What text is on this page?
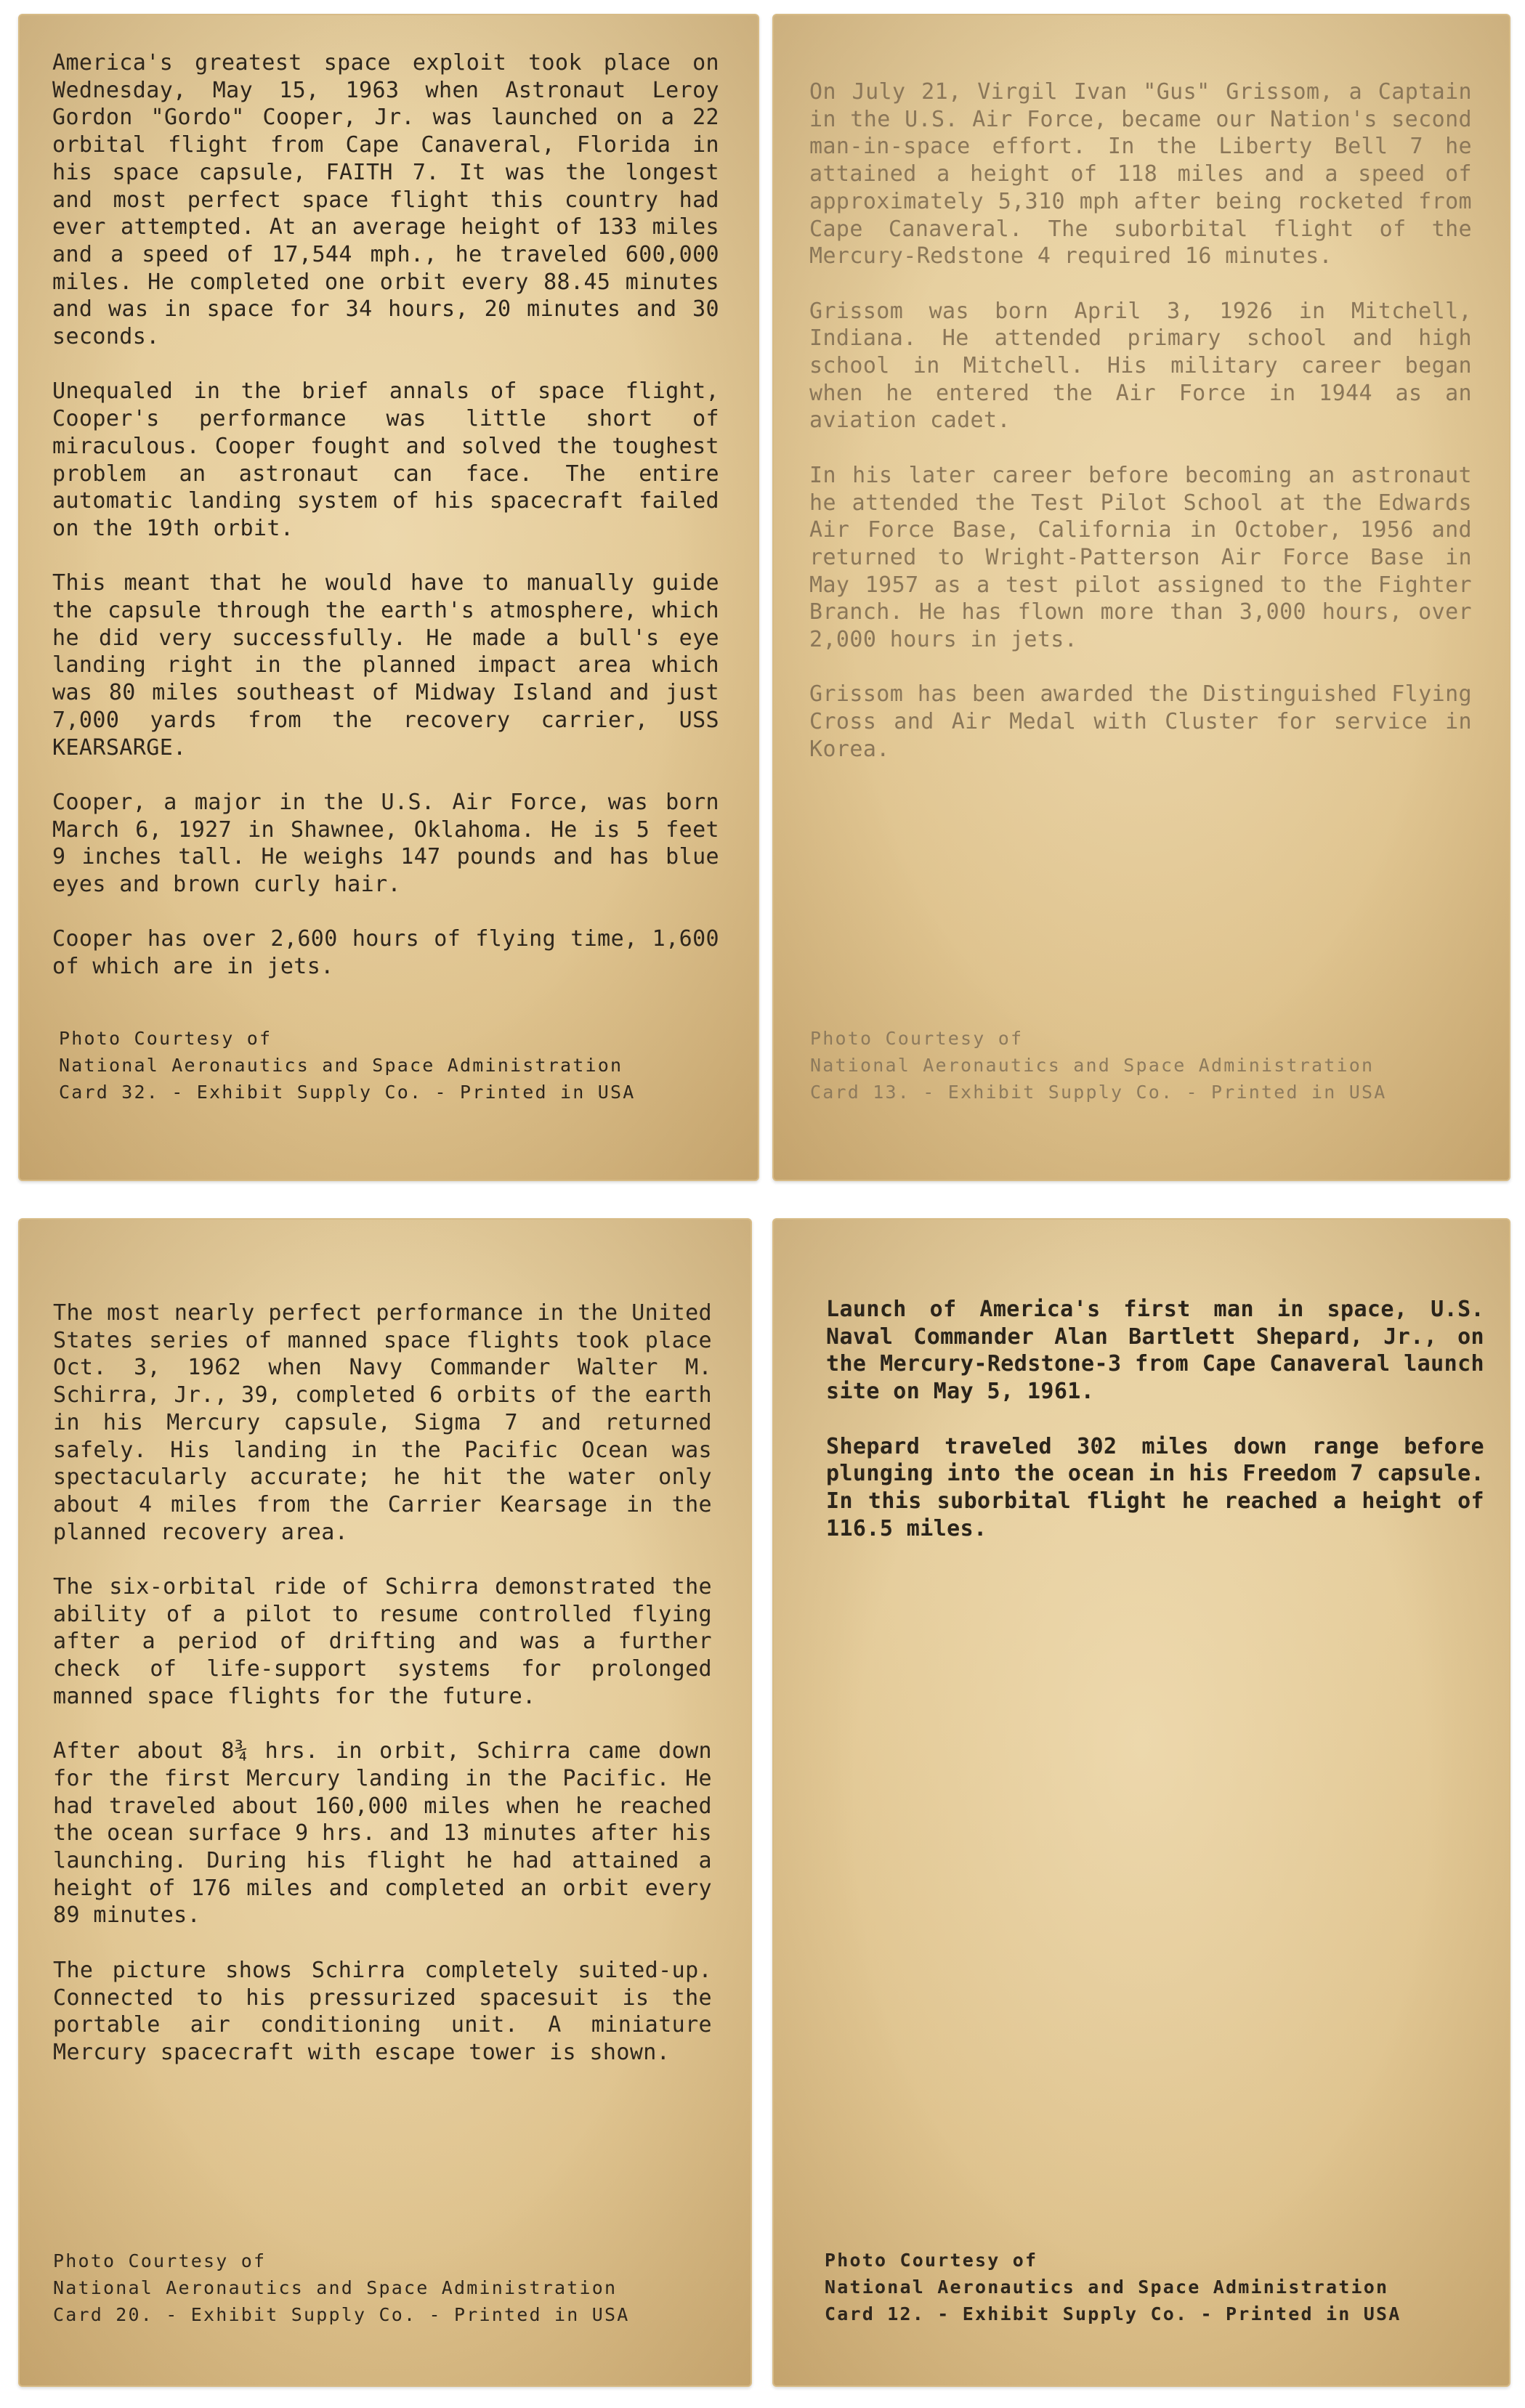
America's greatest space exploit took place on Wednesday, May 15, 1963 when Astronaut Leroy Gordon "Gordo" Cooper, Jr. was launched on a 22 orbital flight from Cape Canaveral, Florida in his space capsule, FAITH 7. It was the longest and most perfect space flight this country had ever attempted. At an average height of 133 miles and a speed of 17,544 mph., he traveled 600,000 miles. He completed one orbit every 88.45 minutes and was in space for 34 hours, 20 minutes and 30 seconds.

Unequaled in the brief annals of space flight, Cooper's performance was little short of miraculous. Cooper fought and solved the toughest problem an astronaut can face. The entire automatic landing system of his spacecraft failed on the 19th orbit.

This meant that he would have to manually guide the capsule through the earth's atmosphere, which he did very successfully. He made a bull's eye landing right in the planned impact area which was 80 miles southeast of Midway Island and just 7,000 yards from the recovery carrier, USS KEARSARGE.

Cooper, a major in the U.S. Air Force, was born March 6, 1927 in Shawnee, Oklahoma. He is 5 feet 9 inches tall. He weighs 147 pounds and has blue eyes and brown curly hair.

Cooper has over 2,600 hours of flying time, 1,600 of which are in jets.

Photo Courtesy of
National Aeronautics and Space Administration
Card 32. - Exhibit Supply Co. - Printed in USA

On July 21, Virgil Ivan "Gus" Grissom, a Captain in the U.S. Air Force, became our Nation's second man-in-space effort. In the Liberty Bell 7 he attained a height of 118 miles and a speed of approximately 5,310 mph after being rocketed from Cape Canaveral. The suborbital flight of the Mercury-Redstone 4 required 16 minutes.

Grissom was born April 3, 1926 in Mitchell, Indiana. He attended primary school and high school in Mitchell. His military career began when he entered the Air Force in 1944 as an aviation cadet.

In his later career before becoming an astronaut he attended the Test Pilot School at the Edwards Air Force Base, California in October, 1956 and returned to Wright-Patterson Air Force Base in May 1957 as a test pilot assigned to the Fighter Branch. He has flown more than 3,000 hours, over 2,000 hours in jets.

Grissom has been awarded the Distinguished Flying Cross and Air Medal with Cluster for service in Korea.

Photo Courtesy of
National Aeronautics and Space Administration
Card 13. - Exhibit Supply Co. - Printed in USA

The most nearly perfect performance in the United States series of manned space flights took place Oct. 3, 1962 when Navy Commander Walter M. Schirra, Jr., 39, completed 6 orbits of the earth in his Mercury capsule, Sigma 7 and returned safely. His landing in the Pacific Ocean was spectacularly accurate; he hit the water only about 4 miles from the Carrier Kearsage in the planned recovery area.

The six-orbital ride of Schirra demonstrated the ability of a pilot to resume controlled flying after a period of drifting and was a further check of life-support systems for prolonged manned space flights for the future.

After about 8¾ hrs. in orbit, Schirra came down for the first Mercury landing in the Pacific. He had traveled about 160,000 miles when he reached the ocean surface 9 hrs. and 13 minutes after his launching. During his flight he had attained a height of 176 miles and completed an orbit every 89 minutes.

The picture shows Schirra completely suited-up. Connected to his pressurized spacesuit is the portable air conditioning unit. A miniature Mercury spacecraft with escape tower is shown.

Photo Courtesy of
National Aeronautics and Space Administration
Card 20. - Exhibit Supply Co. - Printed in USA

Launch of America's first man in space, U.S. Naval Commander Alan Bartlett Shepard, Jr., on the Mercury-Redstone-3 from Cape Canaveral launch site on May 5, 1961.

Shepard traveled 302 miles down range before plunging into the ocean in his Freedom 7 capsule. In this suborbital flight he reached a height of 116.5 miles.

Photo Courtesy of
National Aeronautics and Space Administration
Card 12. - Exhibit Supply Co. - Printed in USA
